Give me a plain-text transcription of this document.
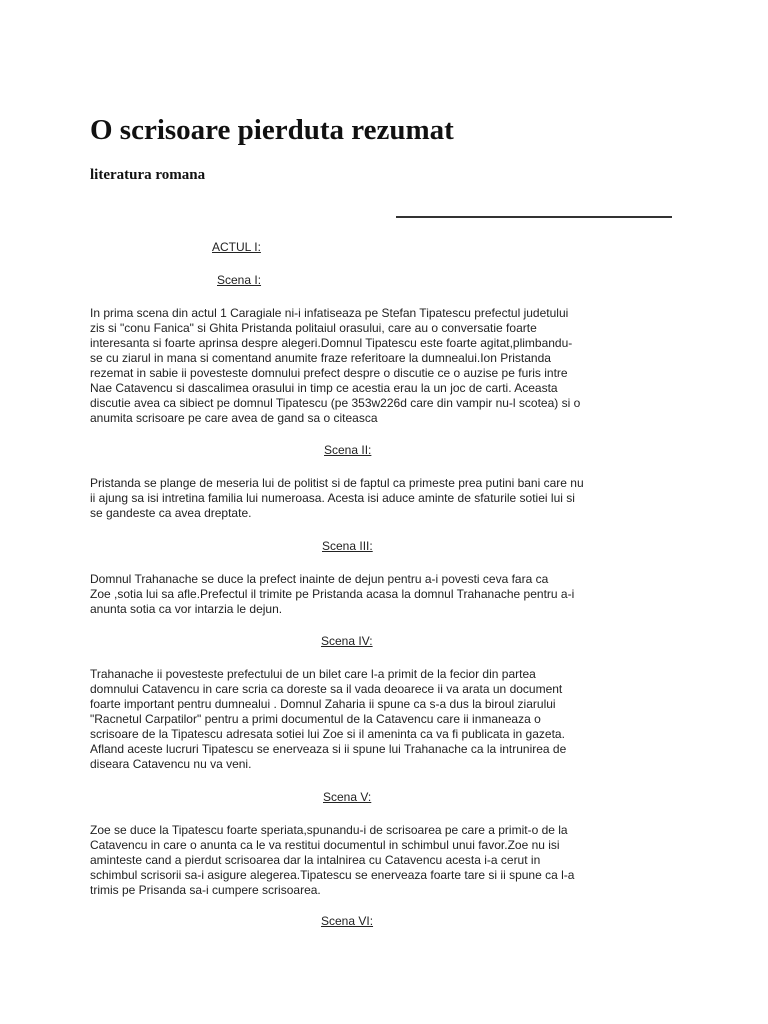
O scrisoare pierduta rezumat
literatura romana
ACTUL I:
Scena I:

In prima scena din actul 1 Caragiale ni-i infatiseaza pe Stefan Tipatescu prefectul judetului
zis si "conu Fanica" si Ghita Pristanda politaiul orasului, care au o conversatie foarte
interesanta si foarte aprinsa despre alegeri.Domnul Tipatescu este foarte agitat,plimbandu-
se cu ziarul in mana si comentand anumite fraze referitoare la dumnealui.Ion Pristanda
rezemat in sabie ii povesteste domnului prefect despre o discutie ce o auzise pe furis intre
Nae Catavencu si dascalimea orasului in timp ce acestia erau la un joc de carti. Aceasta
discutie avea ca sibiect pe domnul Tipatescu (pe 353w226d care din vampir nu-l scotea) si o
anumita scrisoare pe care avea de gand sa o citeasca

Scena II:

Pristanda se plange de meseria lui de politist si de faptul ca primeste prea putini bani care nu
ii ajung sa isi intretina familia lui numeroasa. Acesta isi aduce aminte de sfaturile sotiei lui si
se gandeste ca avea dreptate.

Scena III:

Domnul Trahanache se duce la prefect inainte de dejun pentru a-i povesti ceva fara ca
Zoe ,sotia lui sa afle.Prefectul il trimite pe Pristanda acasa la domnul Trahanache pentru a-i
anunta sotia ca vor intarzia le dejun.

Scena IV:

Trahanache ii povesteste prefectului de un bilet care l-a primit de la fecior din partea
domnului Catavencu in care scria ca doreste sa il vada deoarece ii va arata un document
foarte important pentru dumnealui . Domnul Zaharia ii spune ca s-a dus la biroul ziarului
"Racnetul Carpatilor" pentru a primi documentul de la Catavencu care ii inmaneaza o
scrisoare de la Tipatescu adresata sotiei lui Zoe si il ameninta ca va fi publicata in gazeta.
Afland aceste lucruri Tipatescu se enerveaza si ii spune lui Trahanache ca la intrunirea de
diseara Catavencu nu va veni.

Scena V:

Zoe se duce la Tipatescu foarte speriata,spunandu-i de scrisoarea pe care a primit-o de la
Catavencu in care o anunta ca le va restitui documentul in schimbul unui favor.Zoe nu isi
aminteste cand a pierdut scrisoarea dar la intalnirea cu Catavencu acesta i-a cerut in
schimbul scrisorii sa-i asigure alegerea.Tipatescu se enerveaza foarte tare si ii spune ca l-a
trimis pe Prisanda sa-i cumpere scrisoarea.

Scena VI:
